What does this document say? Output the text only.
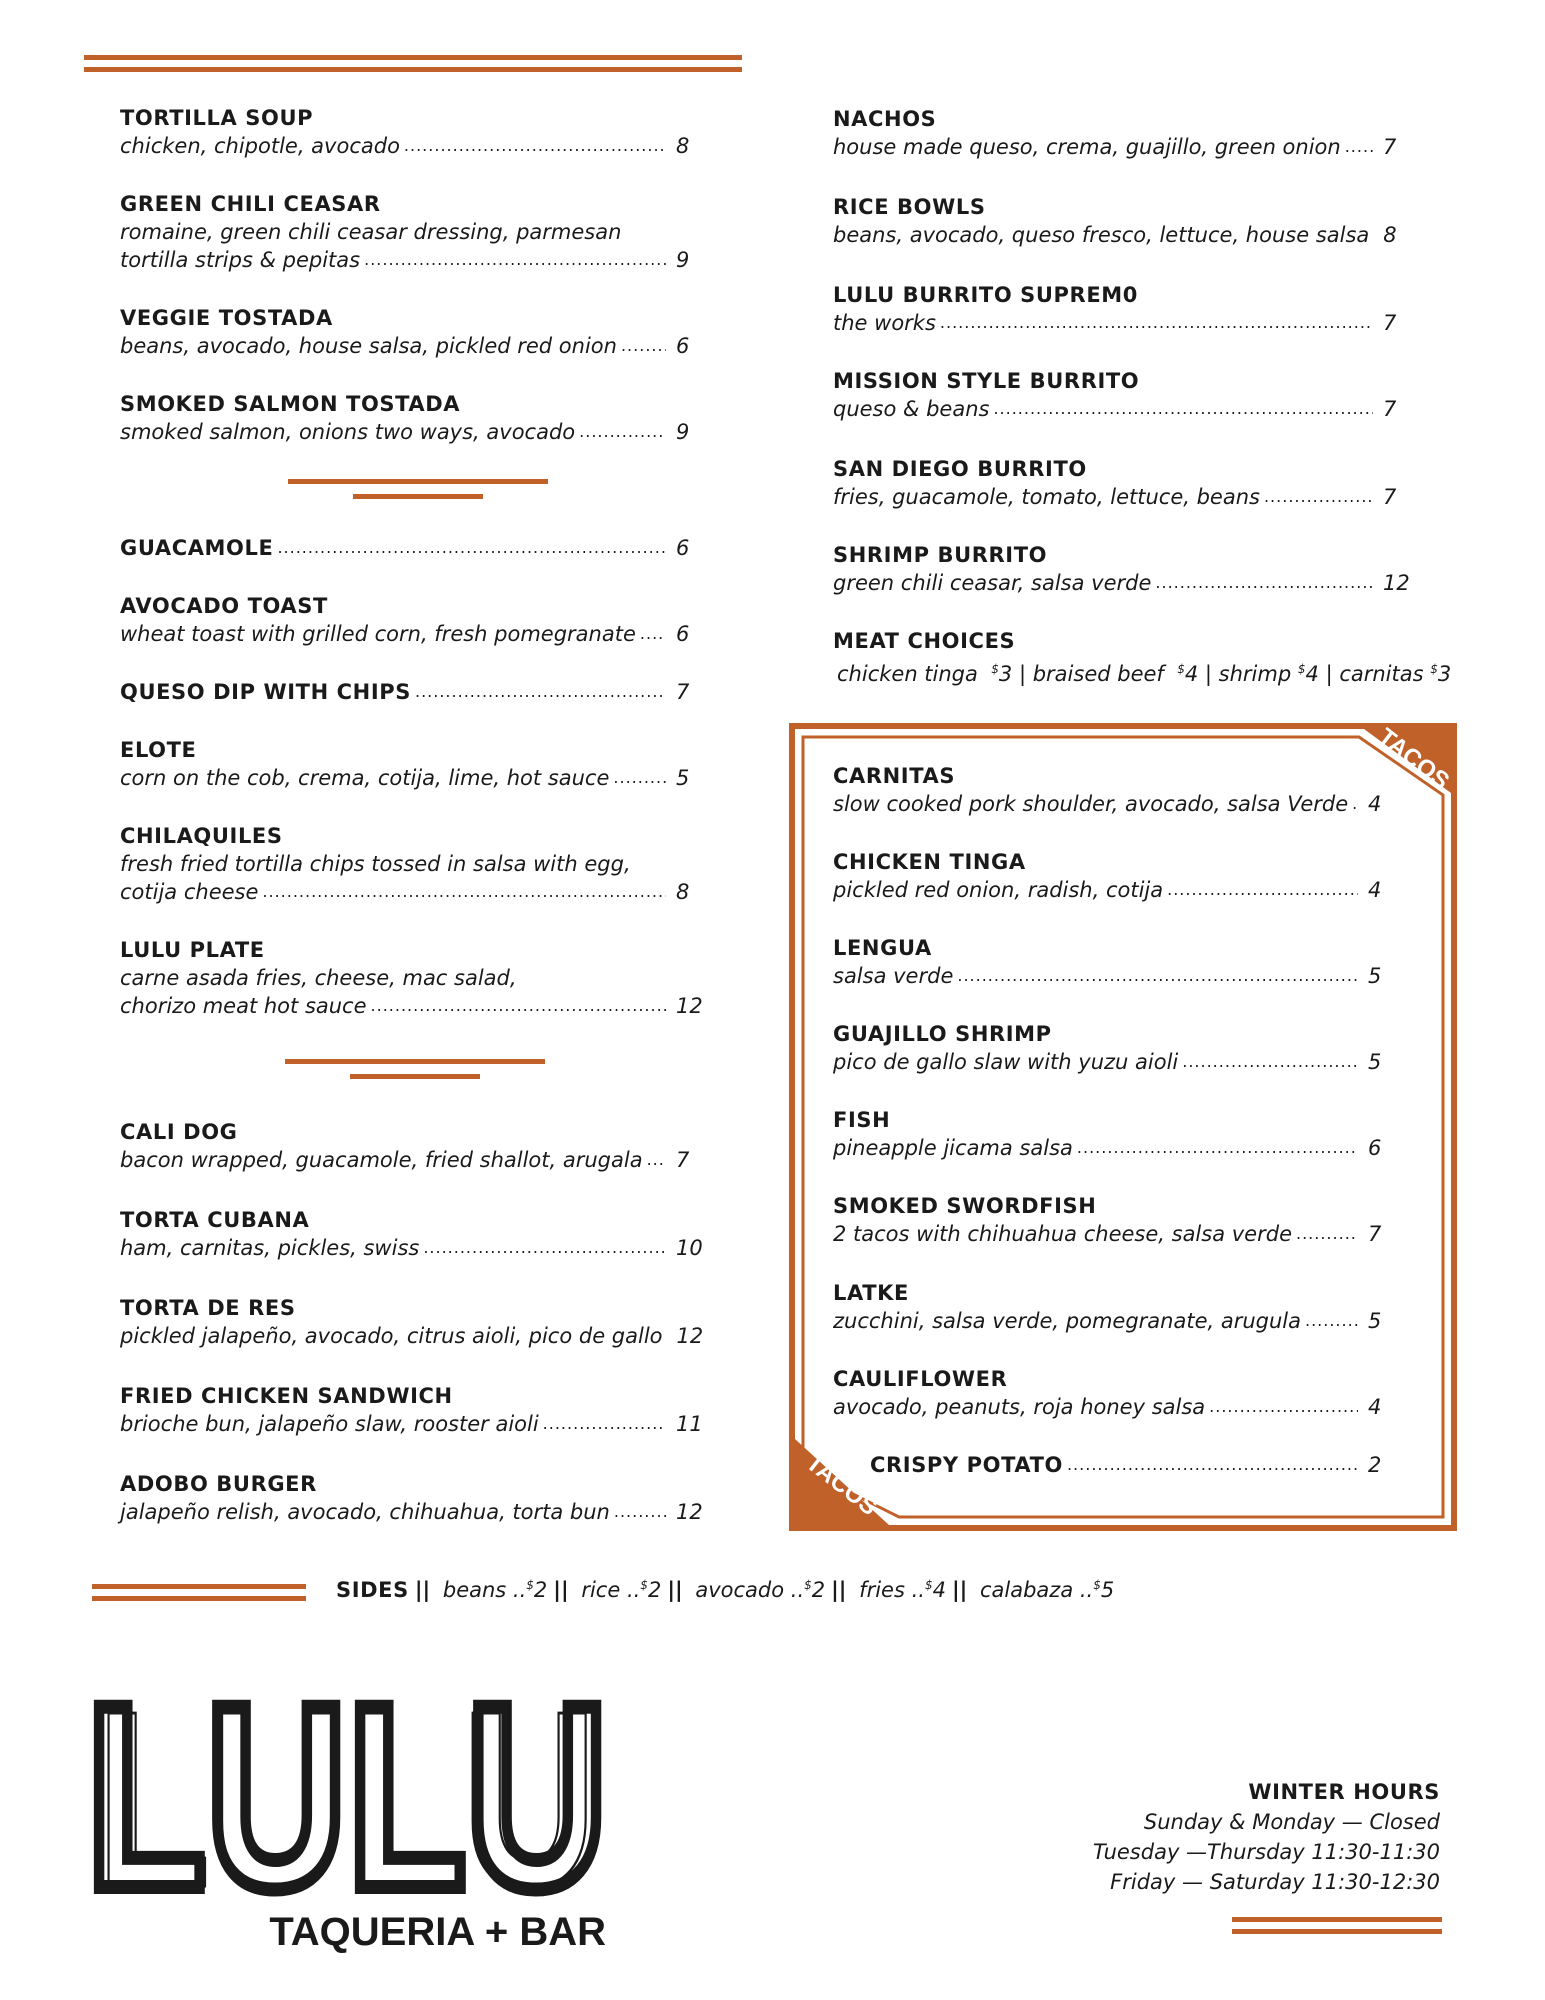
TORTILLA SOUP
chicken, chipotle, avocado .....	8
GREEN CHILI CEASAR
romaine, green chili ceasar dressing, parmesan
tortilla strips & pepitas .....	9
VEGGIE TOSTADA
beans, avocado, house salsa, pickled red onion .....	6
SMOKED SALMON TOSTADA
smoked salmon, onions two ways, avocado .....	9
GUACAMOLE .....	6
AVOCADO TOAST
wheat toast with grilled corn, fresh pomegranate ..... 6
QUESO DIP WITH CHIPS .....	7
ELOTE
corn on the cob, crema, cotija, lime, hot sauce .....	5
CHILAQUILES
fresh fried tortilla chips tossed in salsa with egg,
cotija cheese .....	8
LULU PLATE
carne asada fries, cheese, mac salad,
chorizo meat hot sauce .....	12
CALI DOG
bacon wrapped, guacamole, fried shallot, arugala ..... 7
TORTA CUBANA
ham, carnitas, pickles, swiss .....	10
TORTA DE RES
pickled jalapeño, avocado, citrus aioli, pico de gallo 12
FRIED CHICKEN SANDWICH
brioche bun, jalapeño slaw, rooster aioli .....	11
ADOBO BURGER
jalapeño relish, avocado, chihuahua, torta bun .....	12
NACHOS
house made queso, crema, guajillo, green onion ..... 7
RICE BOWLS
beans, avocado, queso fresco, lettuce, house salsa 8
LULU BURRITO SUPREM0
the works .....	7
MISSION STYLE BURRITO
queso & beans .....	7
SAN DIEGO BURRITO
fries, guacamole, tomato, lettuce, beans .....	7
SHRIMP BURRITO
green chili ceasar, salsa verde .....	12
MEAT CHOICES
chicken tinga $3 | braised beef $4 | shrimp $4 | carnitas $3
TACOS
TACOS
CARNITAS
slow cooked pork shoulder, avocado, salsa Verde ..... 4
CHICKEN TINGA
pickled red onion, radish, cotija .....	4
LENGUA
salsa verde .....	5
GUAJILLO SHRIMP
pico de gallo slaw with yuzu aioli .....	5
FISH
pineapple jicama salsa .....	6
SMOKED SWORDFISH
2 tacos with chihuahua cheese, salsa verde .....	7
LATKE
zucchini, salsa verde, pomegranate, arugula .....	5
CAULIFLOWER
avocado, peanuts, roja honey salsa .....	4
CRISPY POTATO .....	2
SIDES || beans ..$2 || rice ..$2 || avocado ..$2 || fries ..$4 || calabaza ..$5
LULU
LULU
TAQUERIA + BAR
WINTER HOURS
Sunday & Monday — Closed
Tuesday —Thursday 11:30-11:30
Friday — Saturday 11:30-12:30
